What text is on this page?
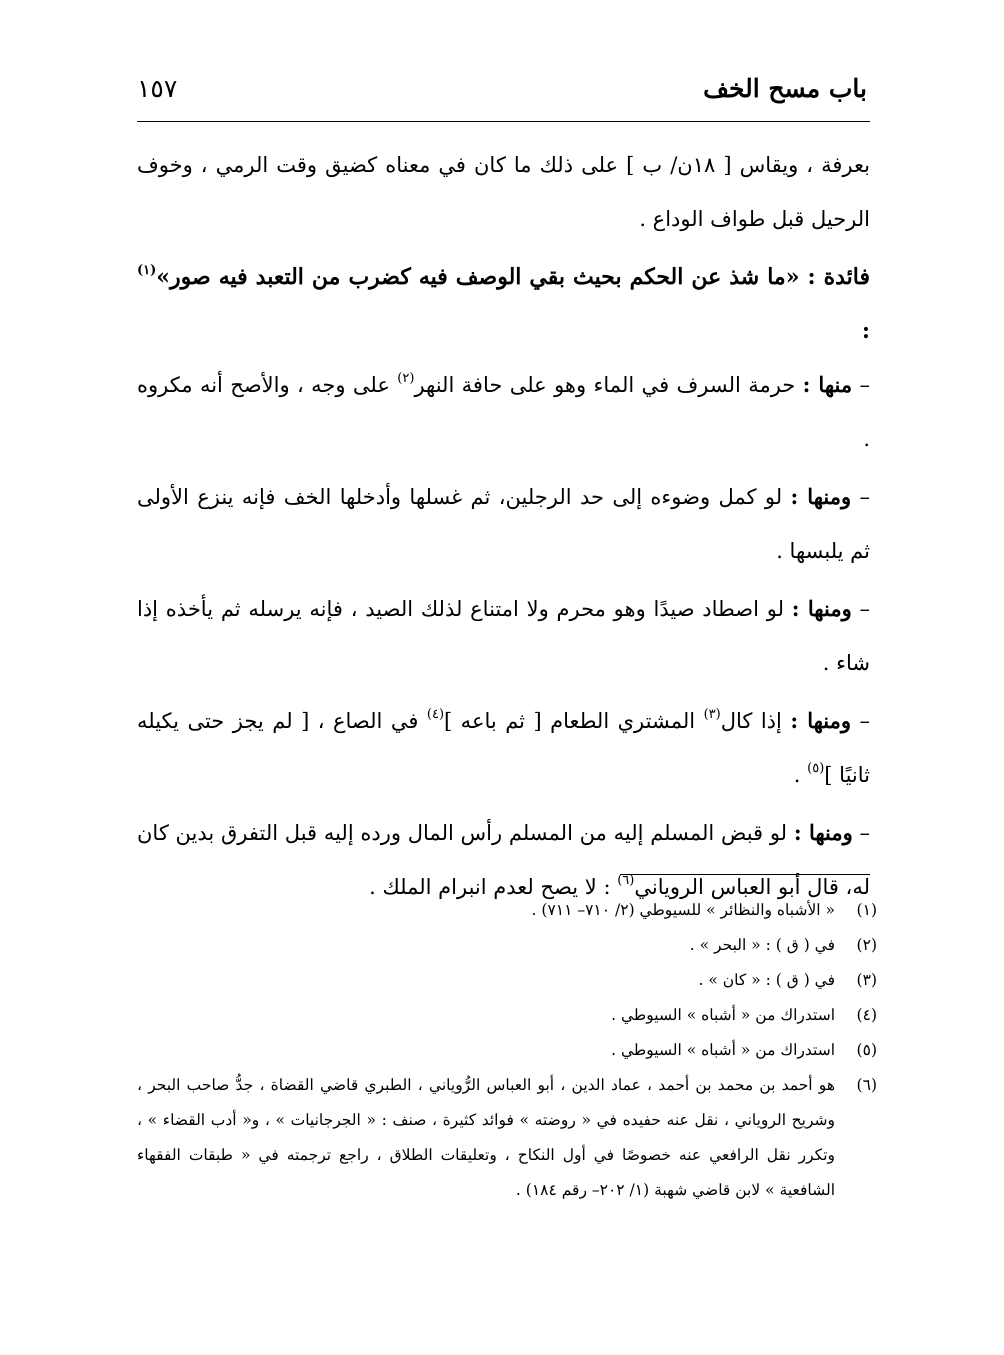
باب مسح الخف
١٥٧

بعرفة ، ويقاس [ ١٨ن/ ب ] على ذلك ما كان في معناه كضيق وقت الرمي ، وخوف الرحيل قبل طواف الوداع .

فائدة : «ما شذ عن الحكم بحيث بقي الوصف فيه كضرب من التعبد فيه صور»$^{(١)}$ :

– منها : حرمة السرف في الماء وهو على حافة النهر$^{(٢)}$ على وجه ، والأصح أنه مكروه .

– ومنها : لو كمل وضوءه إلى حد الرجلين، ثم غسلها وأدخلها الخف فإنه ينزع الأولى ثم يلبسها .

– ومنها : لو اصطاد صيدًا وهو محرم ولا امتناع لذلك الصيد ، فإنه يرسله ثم يأخذه إذا شاء .

– ومنها : إذا كال$^{(٣)}$ المشتري الطعام [ ثم باعه ]$^{(٤)}$ في الصاع ، [ لم يجز حتى يكيله ثانيًا ]$^{(٥)}$ .

– ومنها : لو قبض المسلم إليه من المسلم رأس المال ورده إليه قبل التفرق بدين كان له، قال أبو العباس الروياني$^{(٦)}$ : لا يصح لعدم انبرام الملك .

(١)
« الأشباه والنظائر » للسيوطي (٢/ ٧١٠– ٧١١) .
(٢)
في ( ق ) : « البحر » .
(٣)
في ( ق ) : « كان » .
(٤)
استدراك من « أشباه » السيوطي .
(٥)
استدراك من « أشباه » السيوطي .
(٦)
هو أحمد بن محمد بن أحمد ، عماد الدين ، أبو العباس الرُّوياني ، الطبري قاضي القضاة ، جدُّ صاحب البحر ، وشريح الروياني ، نقل عنه حفيده في « روضته » فوائد كثيرة ، صنف : « الجرجانيات » ، و« أدب القضاء » ، وتكرر نقل الرافعي عنه خصوصًا في أول النكاح ، وتعليقات الطلاق ، راجع ترجمته في « طبقات الفقهاء الشافعية » لابن قاضي شهبة (١/ ٢٠٢– رقم ١٨٤) .
